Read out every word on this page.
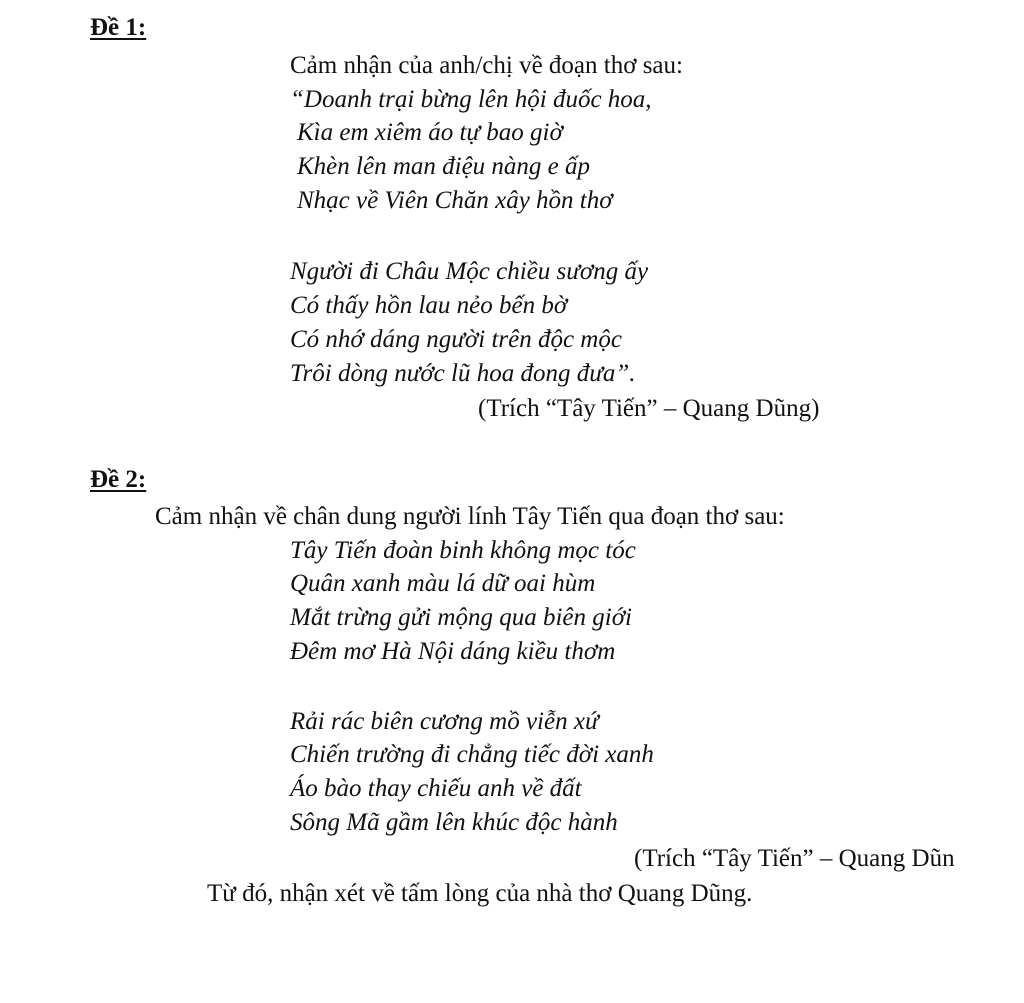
Đề 1:
Cảm nhận của anh/chị về đoạn thơ sau:
“Doanh trại bừng lên hội đuốc hoa,
Kìa em xiêm áo tự bao giờ
Khèn lên man điệu nàng e ấp
Nhạc về Viên Chăn xây hồn thơ
Người đi Châu Mộc chiều sương ấy
Có thấy hồn lau nẻo bến bờ
Có nhớ dáng người trên độc mộc
Trôi dòng nước lũ hoa đong đưa”.
(Trích “Tây Tiến” – Quang Dũng)
Đề 2:
Cảm nhận về chân dung người lính Tây Tiến qua đoạn thơ sau:
Tây Tiến đoàn binh không mọc tóc
Quân xanh màu lá dữ oai hùm
Mắt trừng gửi mộng qua biên giới
Đêm mơ Hà Nội dáng kiều thơm
Rải rác biên cương mồ viễn xứ
Chiến trường đi chẳng tiếc đời xanh
Áo bào thay chiếu anh về đất
Sông Mã gầm lên khúc độc hành
(Trích “Tây Tiến” – Quang Dũn
Từ đó, nhận xét về tấm lòng của nhà thơ Quang Dũng.
